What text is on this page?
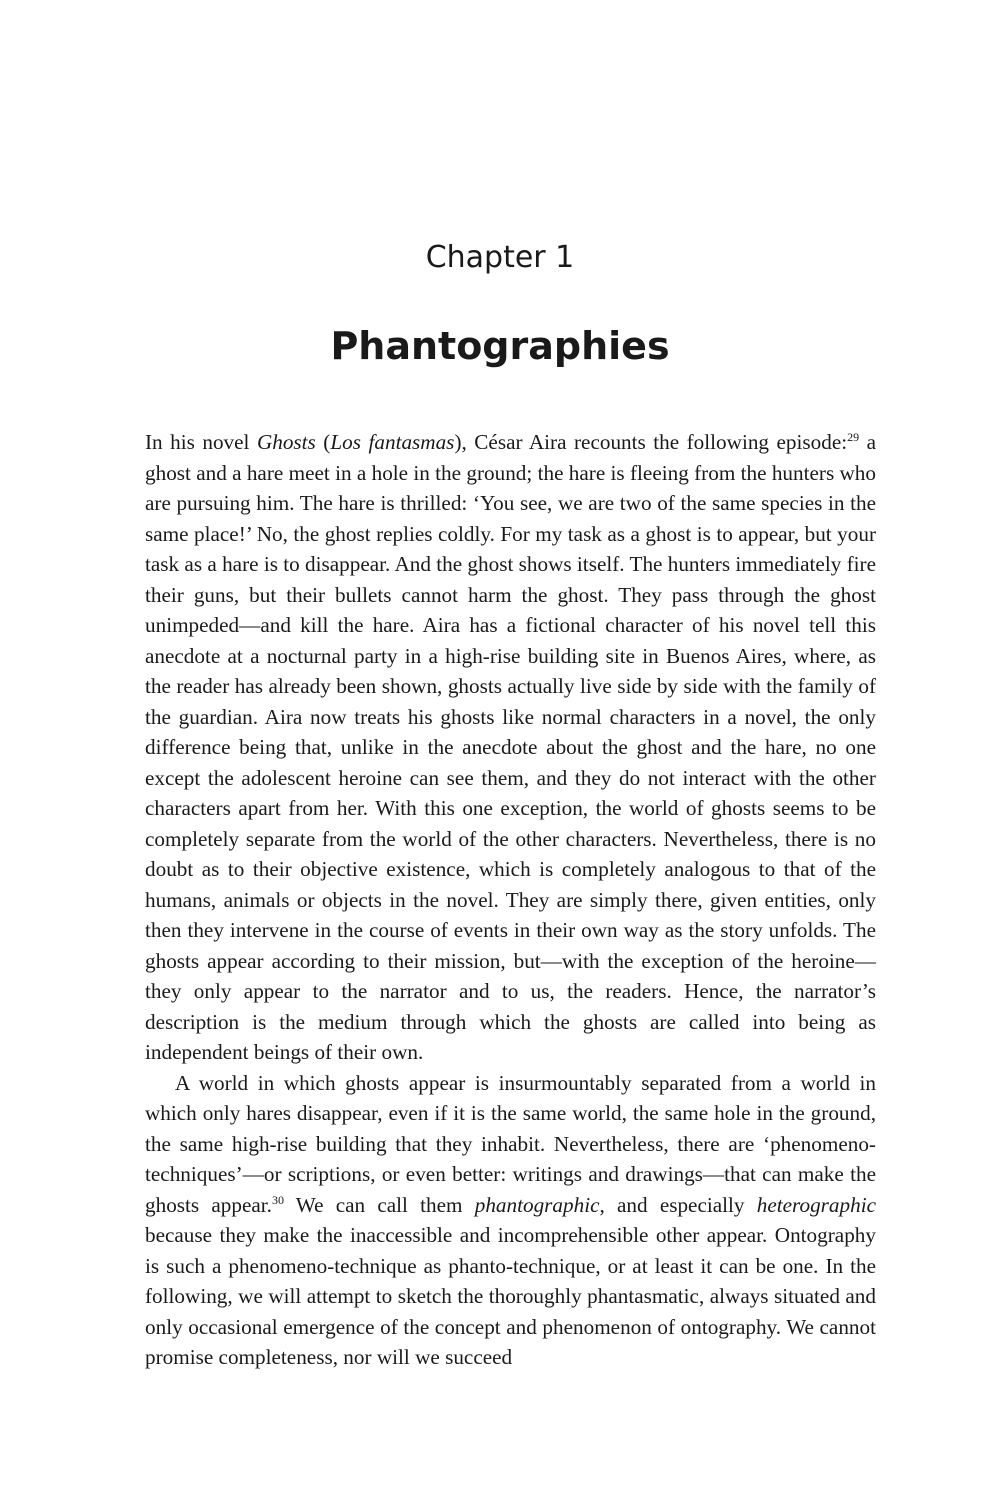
Chapter 1
Phantographies

In his novel Ghosts (Los fantasmas), César Aira recounts the following episode:$^{29}$ a ghost and a hare meet in a hole in the ground; the hare is fleeing from the hunters who are pursuing him. The hare is thrilled: ‘You see, we are two of the same species in the same place!’ No, the ghost replies coldly. For my task as a ghost is to appear, but your task as a hare is to disappear. And the ghost shows itself. The hunters immediately fire their guns, but their bullets cannot harm the ghost. They pass through the ghost unimpeded—and kill the hare. Aira has a fictional character of his novel tell this anecdote at a nocturnal party in a high-rise building site in Buenos Aires, where, as the reader has already been shown, ghosts actually live side by side with the family of the guardian. Aira now treats his ghosts like normal characters in a novel, the only difference being that, unlike in the anecdote about the ghost and the hare, no one except the adolescent heroine can see them, and they do not interact with the other characters apart from her. With this one exception, the world of ghosts seems to be completely separate from the world of the other characters. Nevertheless, there is no doubt as to their objective existence, which is completely analogous to that of the humans, animals or objects in the novel. They are simply there, given entities, only then they intervene in the course of events in their own way as the story unfolds. The ghosts appear according to their mission, but—with the exception of the heroine—they only appear to the narrator and to us, the readers. Hence, the narrator’s description is the medium through which the ghosts are called into being as independent beings of their own.

A world in which ghosts appear is insurmountably separated from a world in which only hares disappear, even if it is the same world, the same hole in the ground, the same high-rise building that they inhabit. Nevertheless, there are ‘phenomeno-techniques’—or scriptions, or even better: writings and drawings—that can make the ghosts appear.$^{30}$ We can call them phantographic, and especially heterographic because they make the inaccessible and incomprehensible other appear. Ontography is such a phenomeno-technique as phanto-technique, or at least it can be one. In the following, we will attempt to sketch the thoroughly phantasmatic, always situated and only occasional emergence of the concept and phenomenon of ontography. We cannot promise completeness, nor will we succeed
